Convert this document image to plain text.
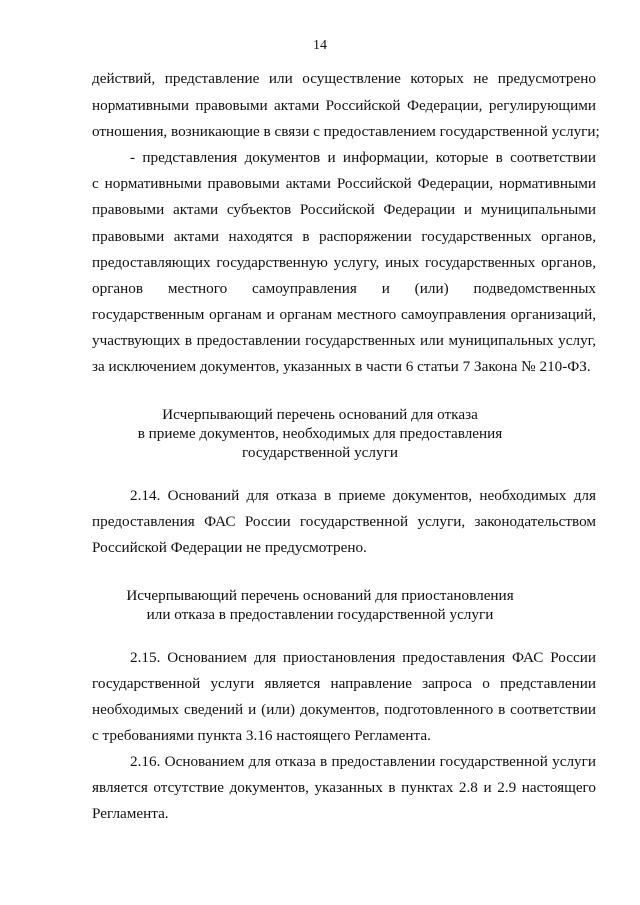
14
действий, представление или осуществление которых не предусмотрено
нормативными правовыми актами Российской Федерации, регулирующими
отношения, возникающие в связи с предоставлением государственной услуги;
- представления документов и информации, которые в соответствии
с нормативными правовыми актами Российской Федерации, нормативными
правовыми актами субъектов Российской Федерации и муниципальными
правовыми актами находятся в распоряжении государственных органов,
предоставляющих государственную услугу, иных государственных органов,
органов местного самоуправления и (или) подведомственных
государственным органам и органам местного самоуправления организаций,
участвующих в предоставлении государственных или муниципальных услуг,
за исключением документов, указанных в части 6 статьи 7 Закона № 210-ФЗ.
Исчерпывающий перечень оснований для отказа
в приеме документов, необходимых для предоставления
государственной услуги
2.14. Оснований для отказа в приеме документов, необходимых для
предоставления ФАС России государственной услуги, законодательством
Российской Федерации не предусмотрено.
Исчерпывающий перечень оснований для приостановления
или отказа в предоставлении государственной услуги
2.15. Основанием для приостановления предоставления ФАС России
государственной услуги является направление запроса о представлении
необходимых сведений и (или) документов, подготовленного в соответствии
с требованиями пункта 3.16 настоящего Регламента.
2.16. Основанием для отказа в предоставлении государственной услуги
является отсутствие документов, указанных в пунктах 2.8 и 2.9 настоящего
Регламента.
